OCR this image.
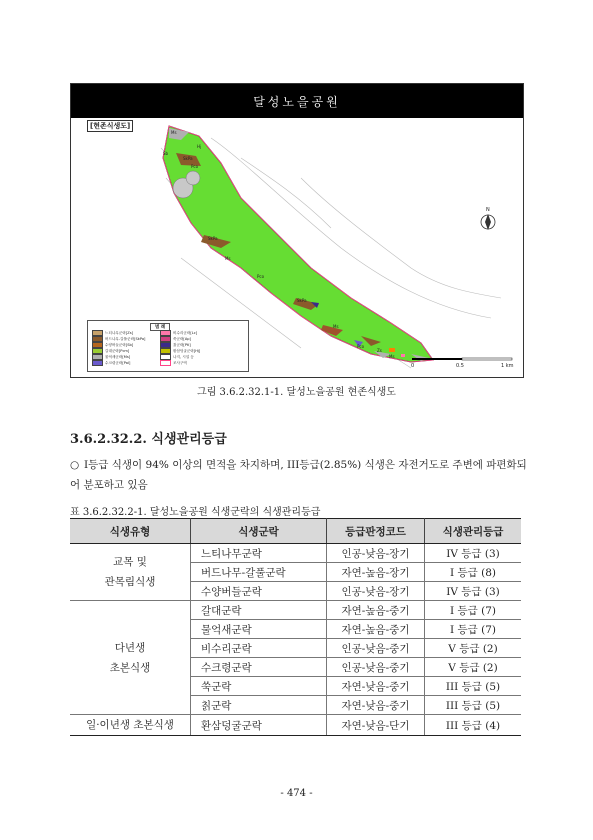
달성노을공원
Ms
Sb
SkPa
Hj
Pco
SkPa
Ms
Pco
SkPa
Ms
Pco
Zs
Ms
N
[현존식생도]
범 례
느티나무군락[Zs]
버드나무-갈풀군락[SkPa]
수양버들군락[Sb]
갈대군락[Pcm]
물억새군락[Ms]
수크령군락[Pal]
비수리군락[Lc]
쑥군락[Ap]
칡군락[Ptl]
환삼덩굴군락[Hj]
나지, 시설 등
조사구역
0	0.5	1 km
그림 3.6.2.32.1-1. 달성노을공원 현존식생도
3.6.2.32.2. 식생관리등급
○ I등급 식생이 94% 이상의 면적을 차지하며, III등급(2.85%) 식생은 자전거도로 주변에 파편화되어 분포하고 있음
표 3.6.2.32.2-1. 달성노을공원 식생군락의 식생관리등급
식생유형	식생군락	등급판정코드	식생관리등급
교목 및
관목림식생	느티나무군락	인공-낮음-장기	IV 등급 (3)
	버드나무-갈풀군락	자연-높음-장기	I 등급 (8)
	수양버들군락	인공-낮음-장기	IV 등급 (3)
다년생
초본식생	갈대군락	자연-높음-중기	I 등급 (7)
	물억새군락	자연-높음-중기	I 등급 (7)
	비수리군락	인공-낮음-중기	V 등급 (2)
	수크령군락	인공-낮음-중기	V 등급 (2)
	쑥군락	자연-낮음-중기	III 등급 (5)
	칡군락	자연-낮음-중기	III 등급 (5)
일·이년생 초본식생	환삼덩굴군락	자연-낮음-단기	III 등급 (4)
- 474 -
